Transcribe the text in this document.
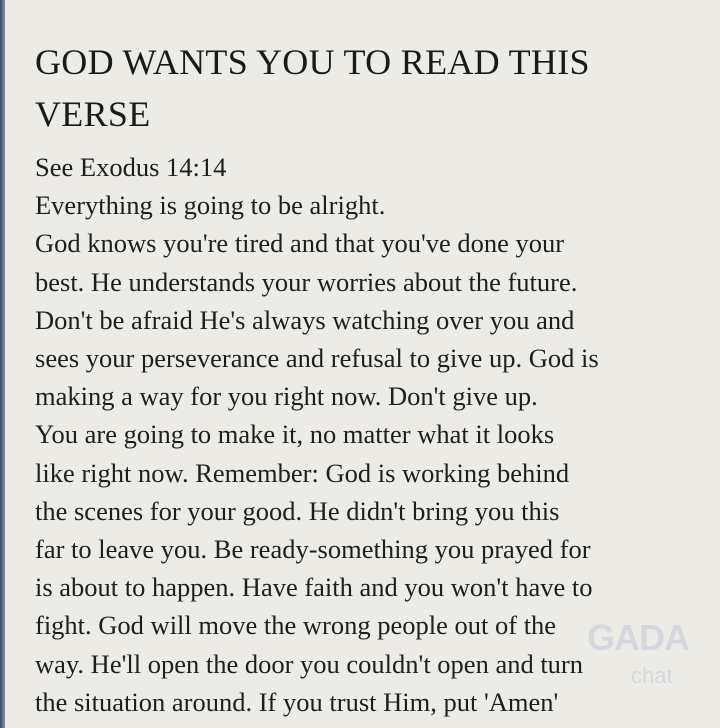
GOD WANTS YOU TO READ THIS
VERSE
See Exodus 14:14
Everything is going to be alright.
God knows you're tired and that you've done your
best. He understands your worries about the future.
Don't be afraid He's always watching over you and
sees your perseverance and refusal to give up. God is
making a way for you right now. Don't give up.
You are going to make it, no matter what it looks
like right now. Remember: God is working behind
the scenes for your good. He didn't bring you this
far to leave you. Be ready-something you prayed for
is about to happen. Have faith and you won't have to
fight. God will move the wrong people out of the
way. He'll open the door you couldn't open and turn
the situation around. If you trust Him, put 'Amen'
GADA
chat
